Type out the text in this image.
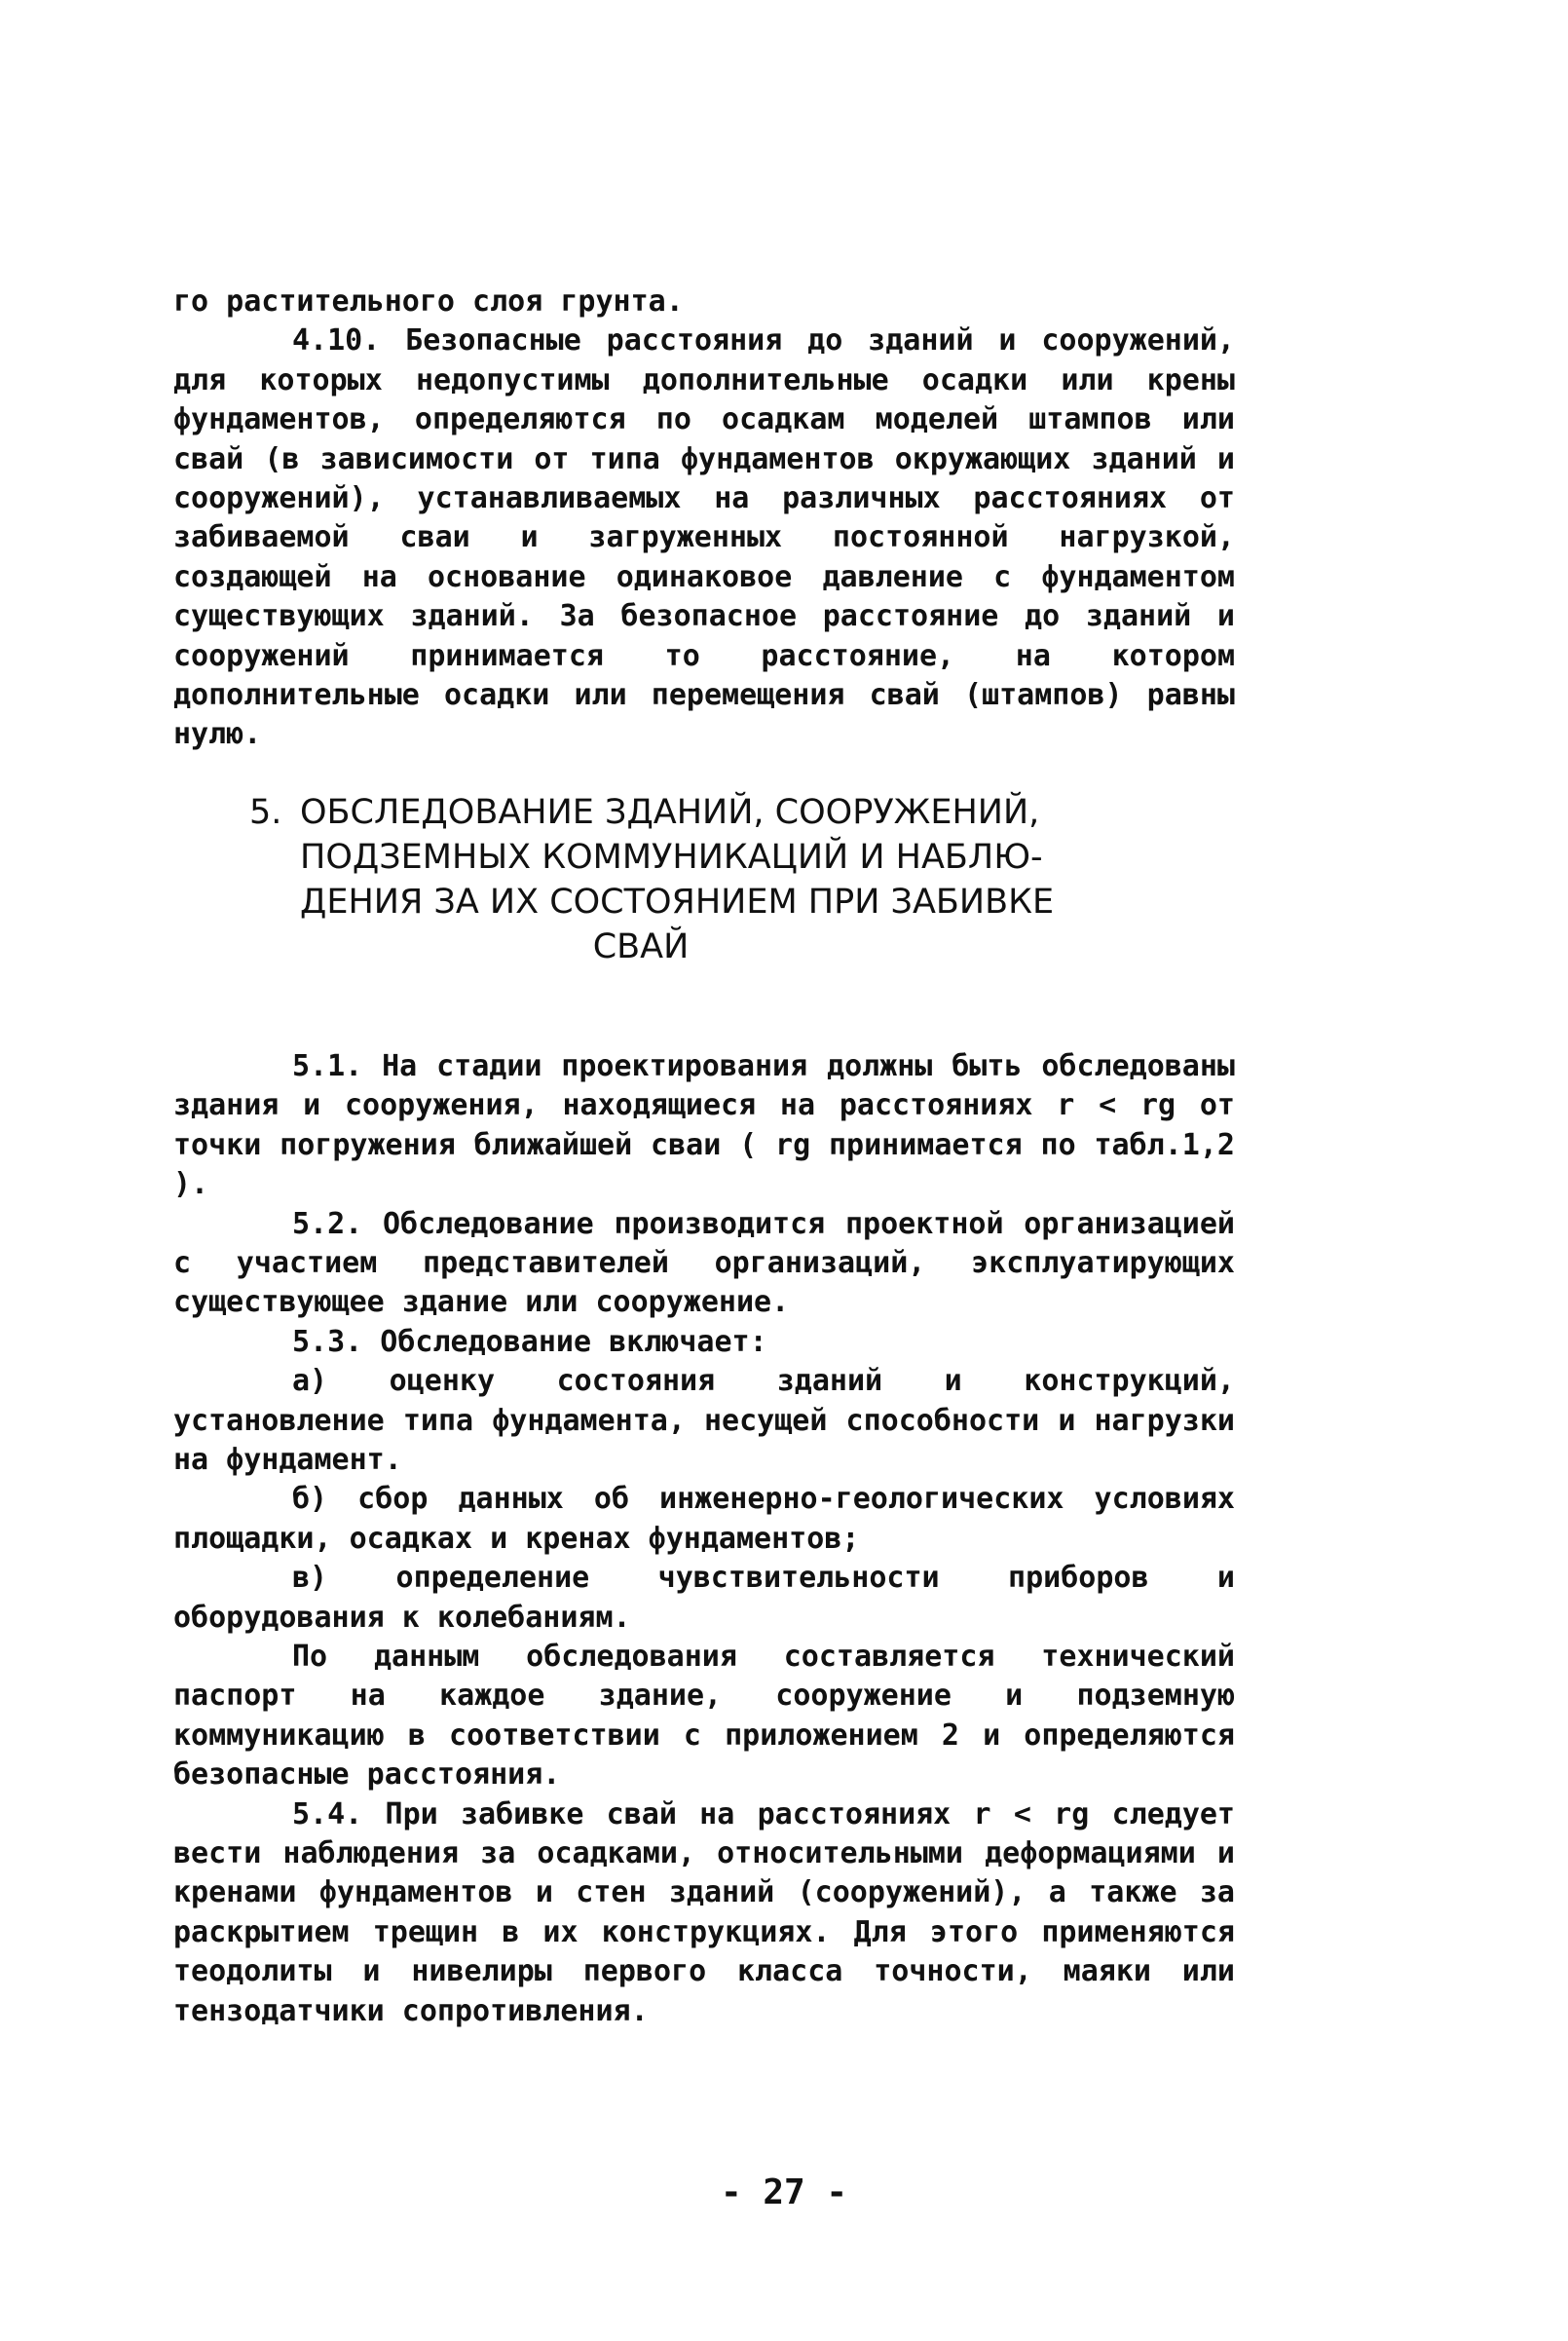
го растительного слоя грунта.

4.10. Безопасные расстояния до зданий и сооружений, для которых недопустимы дополнительные осадки или крены фундаментов, определяются по осадкам моделей штампов или свай (в зависимости от типа фундаментов окружающих зданий и сооружений), устанавливаемых на различных расстояниях от забиваемой сваи и загруженных постоянной нагрузкой, создающей на основание одинаковое давление с фундаментом существующих зданий. За безопасное расстояние до зданий и сооружений принимается то расстояние, на котором дополнительные осадки или перемещения свай (штампов) равны нулю.

5. ОБСЛЕДОВАНИЕ ЗДАНИЙ, СООРУЖЕНИЙ,
ПОДЗЕМНЫХ КОММУНИКАЦИЙ И НАБЛЮ-
ДЕНИЯ ЗА ИХ СОСТОЯНИЕМ ПРИ ЗАБИВКЕ
СВАЙ

5.1. На стадии проектирования должны быть обследованы здания и сооружения, находящиеся на расстояниях r < rg от точки погружения ближайшей сваи ( rg принимается по табл.1,2 ).

5.2. Обследование производится проектной организацией с участием представителей организаций, эксплуатирующих существующее здание или сооружение.

5.3. Обследование включает:

а) оценку состояния зданий и конструкций, установление типа фундамента, несущей способности и нагрузки на фундамент.

б) сбор данных об инженерно-геологических условиях площадки, осадках и кренах фундаментов;

в) определение чувствительности приборов и оборудования к колебаниям.

По данным обследования составляется технический паспорт на каждое здание, сооружение и подземную коммуникацию в соответствии с приложением 2 и определяются безопасные расстояния.

5.4. При забивке свай на расстояниях r < rg следует вести наблюдения за осадками, относительными деформациями и кренами фундаментов и стен зданий (сооружений), а также за раскрытием трещин в их конструкциях. Для этого применяются теодолиты и нивелиры первого класса точности, маяки или тензодатчики сопротивления.

- 27 -
